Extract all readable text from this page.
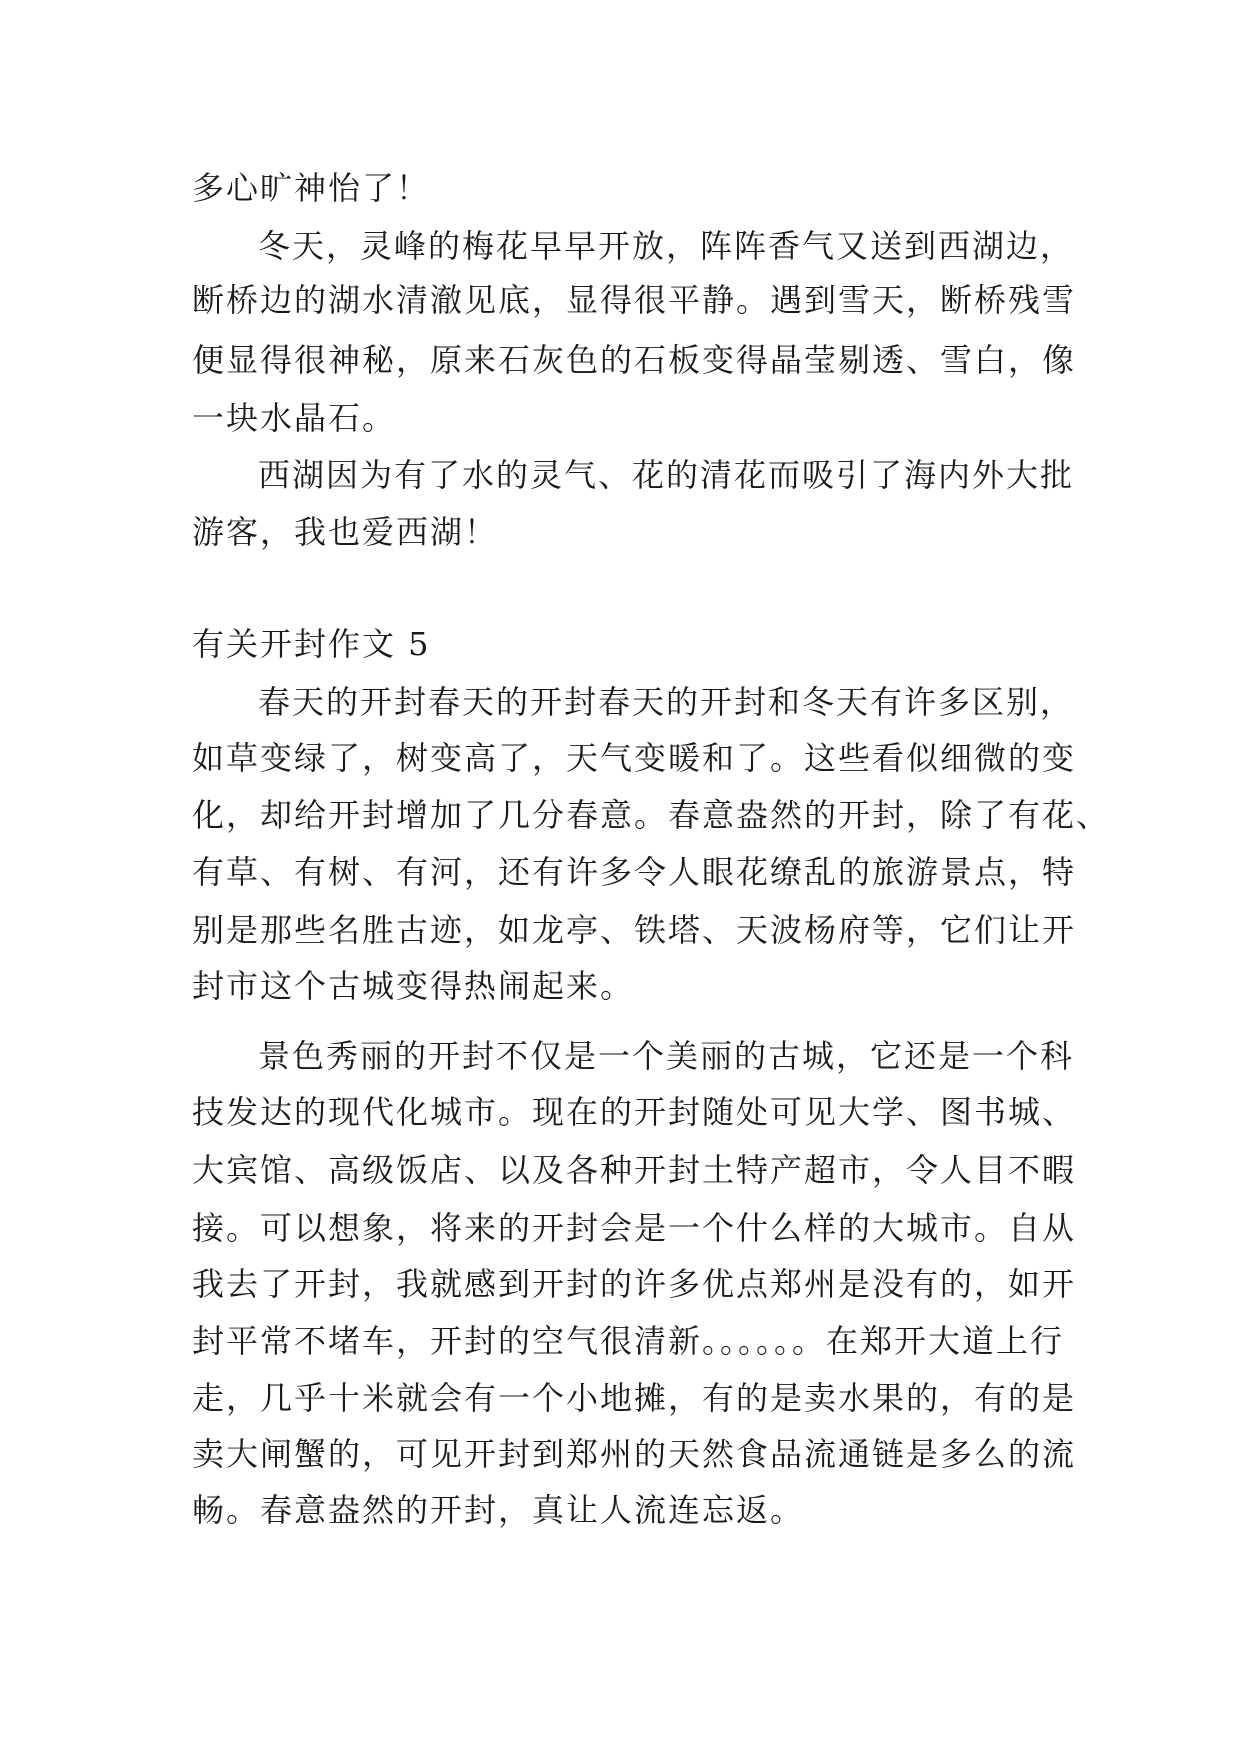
多心旷神怡了！
冬天，灵峰的梅花早早开放，阵阵香气又送到西湖边，
断桥边的湖水清澈见底，显得很平静。遇到雪天，断桥残雪
便显得很神秘，原来石灰色的石板变得晶莹剔透、雪白，像
一块水晶石。
西湖因为有了水的灵气、花的清花而吸引了海内外大批
游客，我也爱西湖！
有关开封作文 5
春天的开封春天的开封春天的开封和冬天有许多区别，
如草变绿了，树变高了，天气变暖和了。这些看似细微的变
化，却给开封增加了几分春意。春意盎然的开封，除了有花、
有草、有树、有河，还有许多令人眼花缭乱的旅游景点，特
别是那些名胜古迹，如龙亭、铁塔、天波杨府等，它们让开
封市这个古城变得热闹起来。
景色秀丽的开封不仅是一个美丽的古城，它还是一个科
技发达的现代化城市。现在的开封随处可见大学、图书城、
大宾馆、高级饭店、以及各种开封土特产超市，令人目不暇
接。可以想象，将来的开封会是一个什么样的大城市。自从
我去了开封，我就感到开封的许多优点郑州是没有的，如开
封平常不堵车，开封的空气很清新。。。。。。在郑开大道上行
走，几乎十米就会有一个小地摊，有的是卖水果的，有的是
卖大闸蟹的，可见开封到郑州的天然食品流通链是多么的流
畅。春意盎然的开封，真让人流连忘返。
